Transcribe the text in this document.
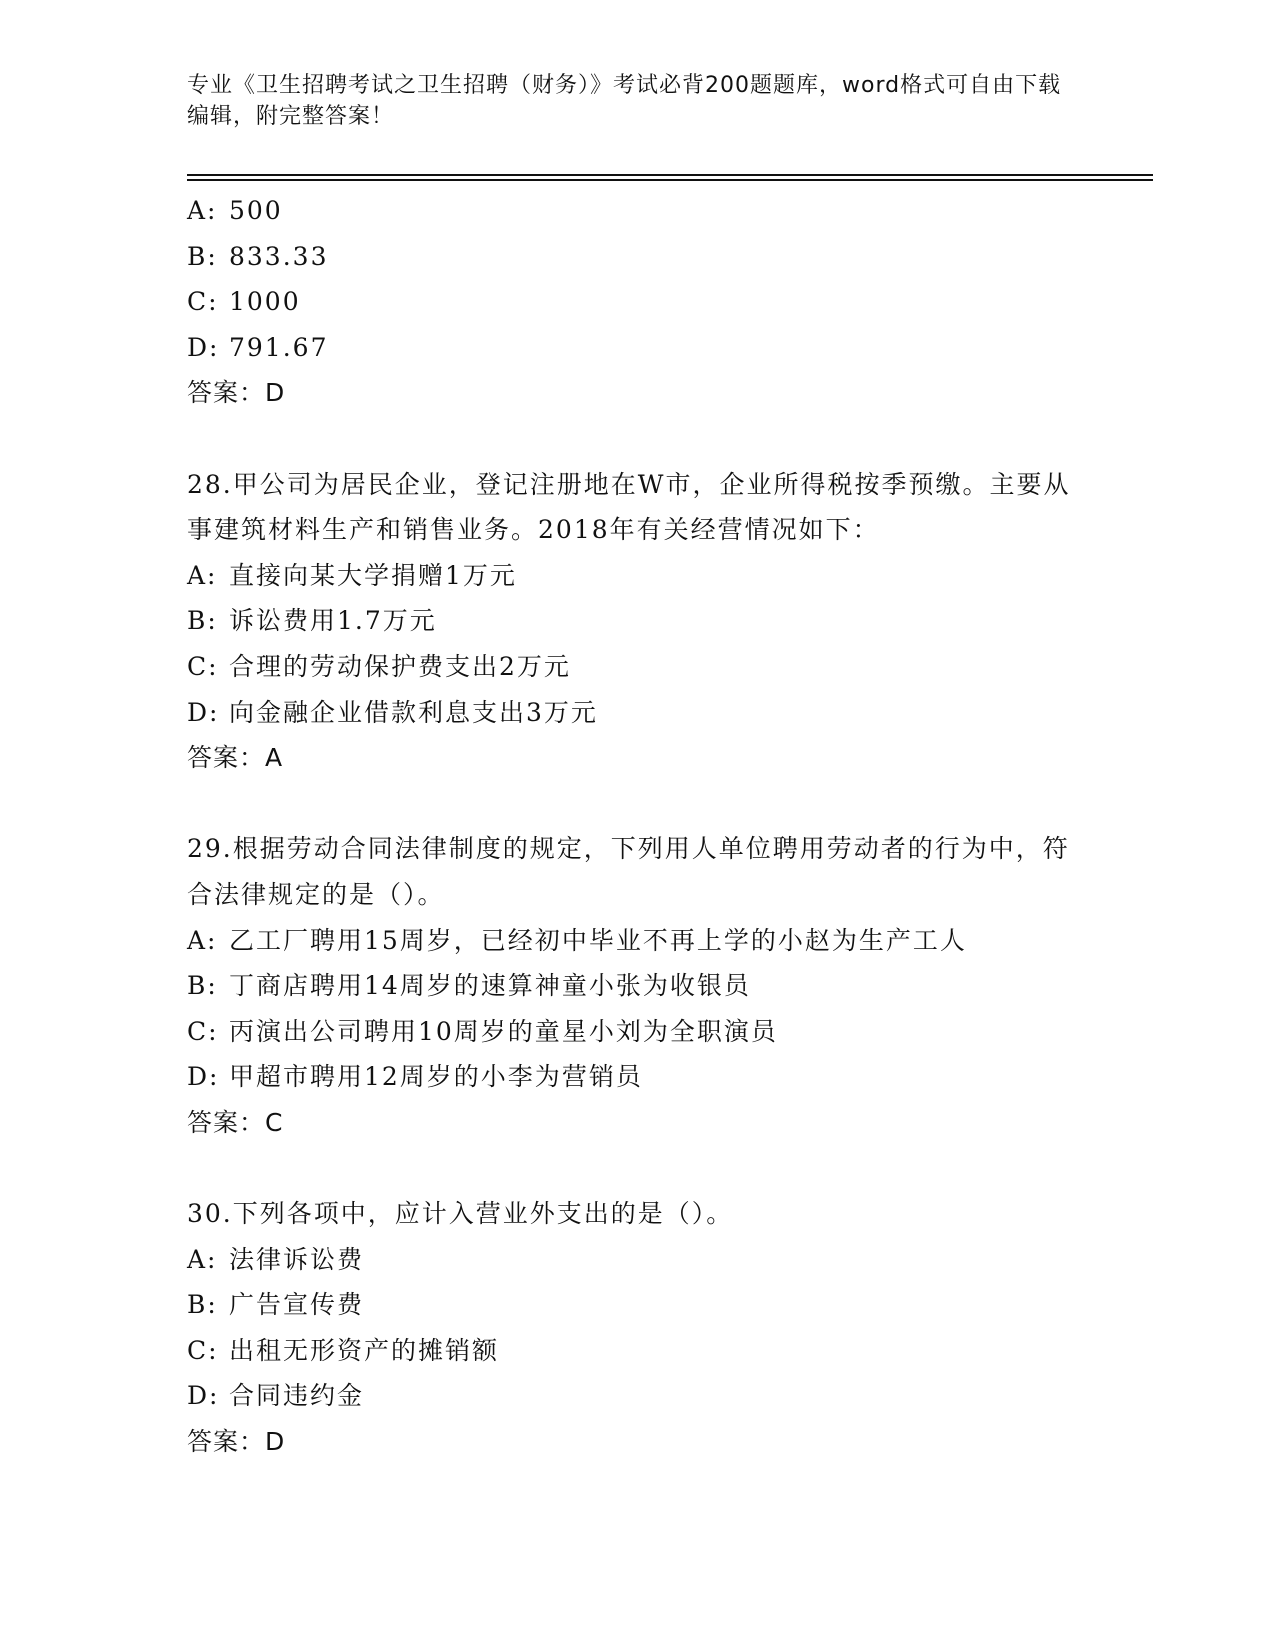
专业《卫生招聘考试之卫生招聘（财务）》考试必背200题题库，word格式可自由下载编辑，附完整答案！
A: 500
B: 833.33
C: 1000
D: 791.67
答案：D
28.甲公司为居民企业，登记注册地在W市，企业所得税按季预缴。主要从事建筑材料生产和销售业务。2018年有关经营情况如下：
A: 直接向某大学捐赠1万元
B: 诉讼费用1.7万元
C: 合理的劳动保护费支出2万元
D: 向金融企业借款利息支出3万元
答案：A
29.根据劳动合同法律制度的规定，下列用人单位聘用劳动者的行为中，符合法律规定的是（）。
A: 乙工厂聘用15周岁，已经初中毕业不再上学的小赵为生产工人
B: 丁商店聘用14周岁的速算神童小张为收银员
C: 丙演出公司聘用10周岁的童星小刘为全职演员
D: 甲超市聘用12周岁的小李为营销员
答案：C
30.下列各项中，应计入营业外支出的是（）。
A: 法律诉讼费
B: 广告宣传费
C: 出租无形资产的摊销额
D: 合同违约金
答案：D
